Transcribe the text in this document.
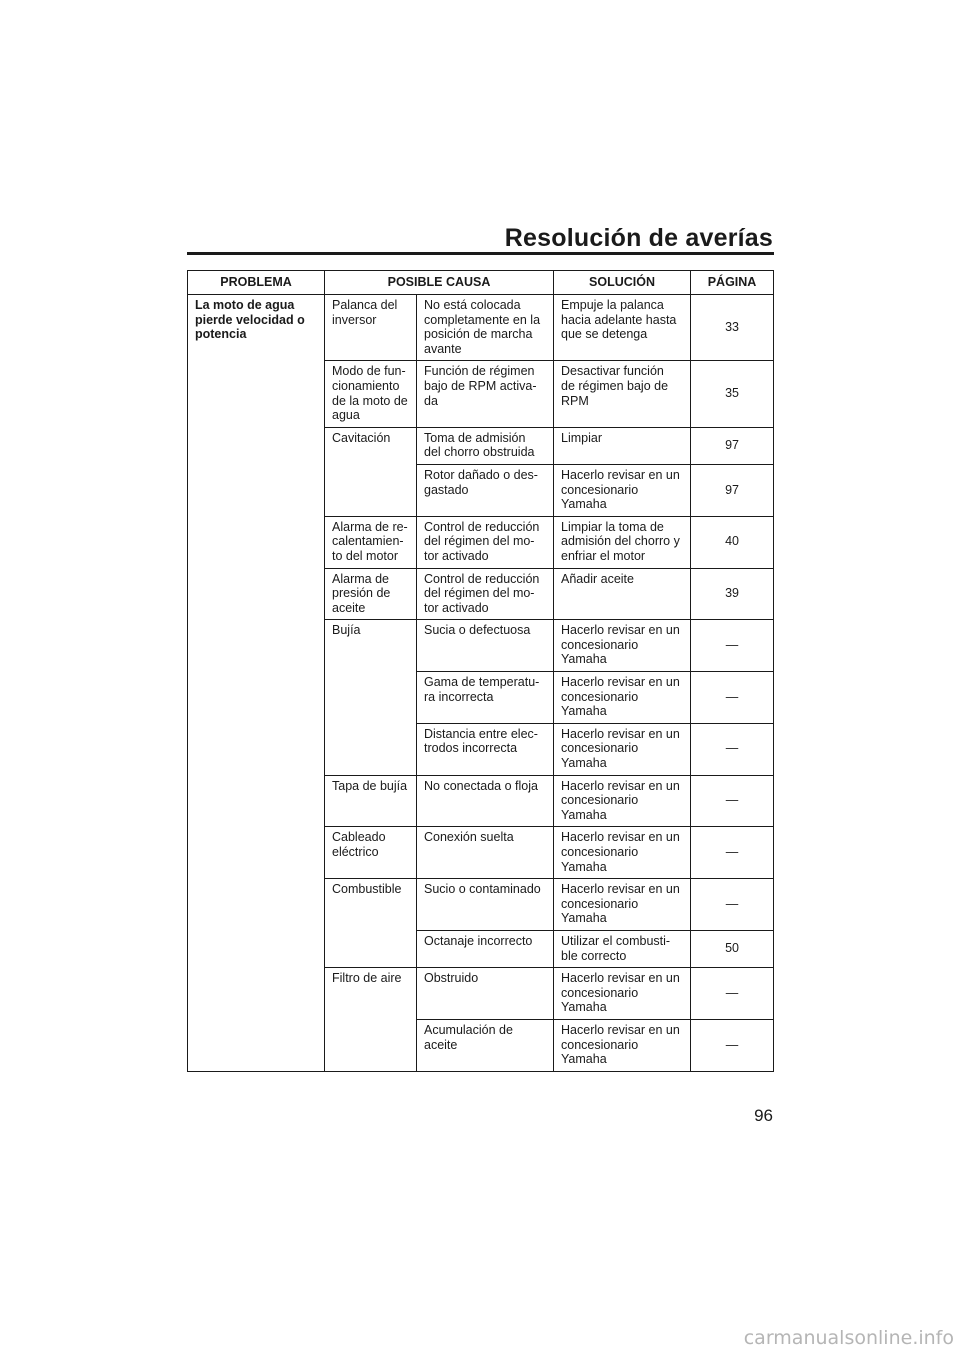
Resolución de averías
PROBLEMA	POSIBLE CAUSA		SOLUCIÓN	PÁGINA
La moto de agua
pierde velocidad o
potencia	Palanca del
inversor	No está colocada
completamente en la
posición de marcha
avante	Empuje la palanca
hacia adelante hasta
que se detenga	33
	Modo de fun-
cionamiento
de la moto de
agua	Función de régimen
bajo de RPM activa-
da	Desactivar función
de régimen bajo de
RPM	35
	Cavitación	Toma de admisión
del chorro obstruida	Limpiar	97
		Rotor dañado o des-
gastado	Hacerlo revisar en un
concesionario
Yamaha	97
	Alarma de re-
calentamien-
to del motor	Control de reducción
del régimen del mo-
tor activado	Limpiar la toma de
admisión del chorro y
enfriar el motor	40
	Alarma de
presión de
aceite	Control de reducción
del régimen del mo-
tor activado	Añadir aceite	39
	Bujía	Sucia o defectuosa	Hacerlo revisar en un
concesionario
Yamaha	—
		Gama de temperatu-
ra incorrecta	Hacerlo revisar en un
concesionario
Yamaha	—
		Distancia entre elec-
trodos incorrecta	Hacerlo revisar en un
concesionario
Yamaha	—
	Tapa de bujía	No conectada o floja	Hacerlo revisar en un
concesionario
Yamaha	—
	Cableado
eléctrico	Conexión suelta	Hacerlo revisar en un
concesionario
Yamaha	—
	Combustible	Sucio o contaminado	Hacerlo revisar en un
concesionario
Yamaha	—
		Octanaje incorrecto	Utilizar el combusti-
ble correcto	50
	Filtro de aire	Obstruido	Hacerlo revisar en un
concesionario
Yamaha	—
		Acumulación de
aceite	Hacerlo revisar en un
concesionario
Yamaha	—

96

carmanualsonline.info
